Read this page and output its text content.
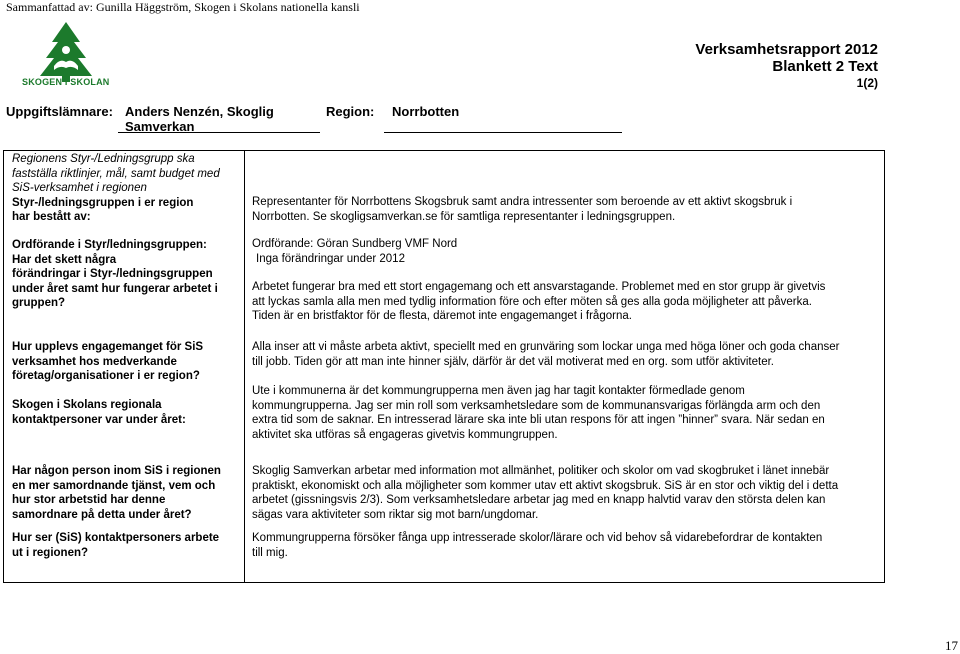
Sammanfattad av: Gunilla Häggström, Skogen i Skolans nationella kansli
SKOGEN I SKOLAN
Verksamhetsrapport 2012
Blankett 2 Text
1(2)
Uppgiftslämnare: Anders Nenzén, Skoglig
Samverkan
Region: Norrbotten
Regionens Styr-/Ledningsgrupp ska
fastställa riktlinjer, mål, samt budget med
SiS-verksamhet i regionen
Styr-/ledningsgruppen i er region
har bestått av:
Ordförande i Styr/ledningsgruppen:
Har det skett några
förändringar i Styr-/ledningsgruppen
under året samt hur fungerar arbetet i
gruppen?
Hur upplevs engagemanget för SiS
verksamhet hos medverkande
företag/organisationer i er region?
Skogen i Skolans regionala
kontaktpersoner var under året:
Har någon person inom SiS i regionen
en mer samordnande tjänst, vem och
hur stor arbetstid har denne
samordnare på detta under året?
Hur ser (SiS) kontaktpersoners arbete
ut i regionen?
Representanter för Norrbottens Skogsbruk samt andra intressenter som beroende av ett aktivt skogsbruk i
Norrbotten. Se skogligsamverkan.se för samtliga representanter i ledningsgruppen.
Ordförande: Göran Sundberg VMF Nord
Inga förändringar under 2012
Arbetet fungerar bra med ett stort engagemang och ett ansvarstagande. Problemet med en stor grupp är givetvis
att lyckas samla alla men med tydlig information före och efter möten så ges alla goda möjligheter att påverka.
Tiden är en bristfaktor för de flesta, däremot inte engagemanget i frågorna.
Alla inser att vi måste arbeta aktivt, speciellt med en grunväring som lockar unga med höga löner och goda chanser
till jobb. Tiden gör att man inte hinner själv, därför är det väl motiverat med en org. som utför aktiviteter.
Ute i kommunerna är det kommungrupperna men även jag har tagit kontakter förmedlade genom
kommungrupperna. Jag ser min roll som verksamhetsledare som de kommunansvarigas förlängda arm och den
extra tid som de saknar. En intresserad lärare ska inte bli utan respons för att ingen ”hinner” svara. När sedan en
aktivitet ska utföras så engageras givetvis kommungruppen.
Skoglig Samverkan arbetar med information mot allmänhet, politiker och skolor om vad skogbruket i länet innebär
praktiskt, ekonomiskt och alla möjligheter som kommer utav ett aktivt skogsbruk. SiS är en stor och viktig del i detta
arbetet (gissningsvis 2/3). Som verksamhetsledare arbetar jag med en knapp halvtid varav den största delen kan
sägas vara aktiviteter som riktar sig mot barn/ungdomar.
Kommungrupperna försöker fånga upp intresserade skolor/lärare och vid behov så vidarebefordrar de kontakten
till mig.
17
